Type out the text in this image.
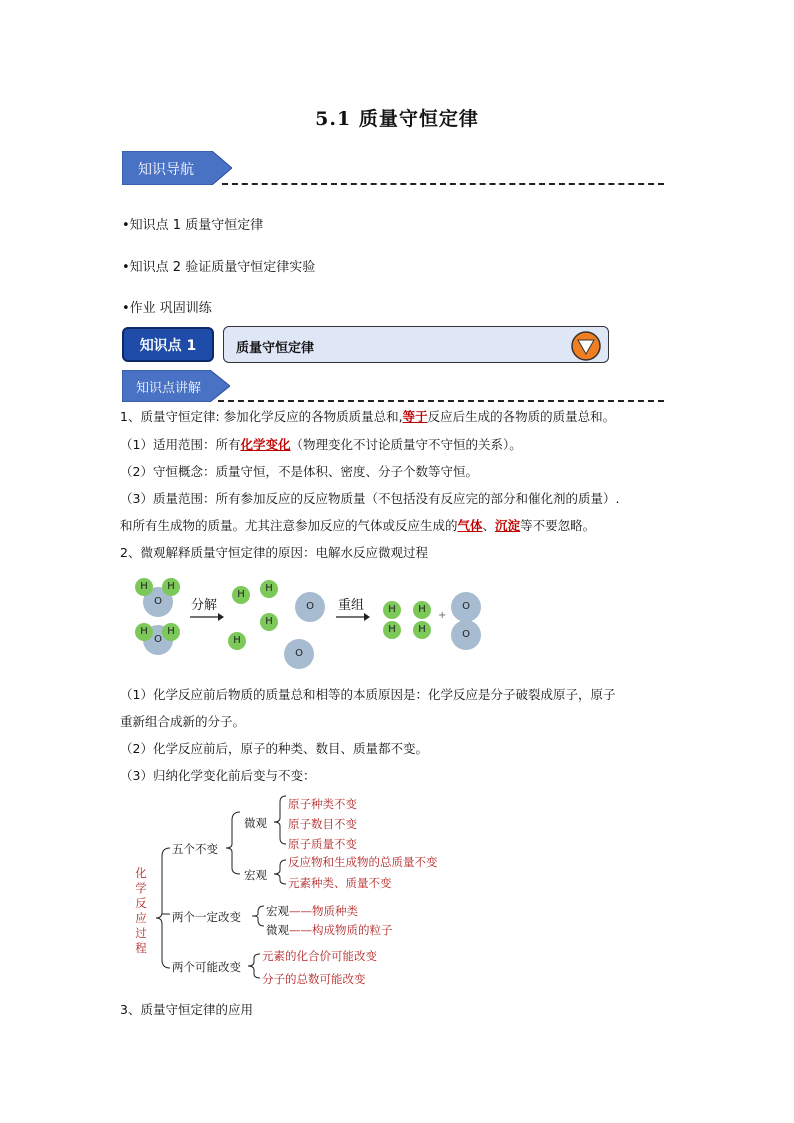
5.1 质量守恒定律
知识导航
•知识点 1 质量守恒定律
•知识点 2 验证质量守恒定律实验
•作业 巩固训练
知识点 1	质量守恒定律
知识点讲解
1、质量守恒定律: 参加化学反应的各物质质量总和,等于反应后生成的各物质的质量总和。
（1）适用范围：所有化学变化（物理变化不讨论质量守不守恒的关系）。
（2）守恒概念：质量守恒，不是体积、密度、分子个数等守恒。
（3）质量范围：所有参加反应的反应物质量（不包括没有反应完的部分和催化剂的质量）.
和所有生成物的质量。尤其注意参加反应的气体或反应生成的气体、沉淀等不要忽略。
2、微观解释质量守恒定律的原因：电解水反应微观过程
O
H	H
O
H	H
分解
H
H
H
H
O
O
重组	H
H
H
H
+
O
O
（1）化学反应前后物质的质量总和相等的本质原因是：化学反应是分子破裂成原子，原子
重新组合成新的分子。
（2）化学反应前后，原子的种类、数目、质量都不变。
（3）归纳化学变化前后变与不变：
化
学
反
应
过
程
五个不变
微观
宏观
原子种类不变
原子数目不变
原子质量不变
反应物和生成物的总质量不变
元素种类、质量不变
两个一定改变 宏观——物质种类
微观——构成物质的粒子
两个可能改变
元素的化合价可能改变
分子的总数可能改变
3、质量守恒定律的应用
